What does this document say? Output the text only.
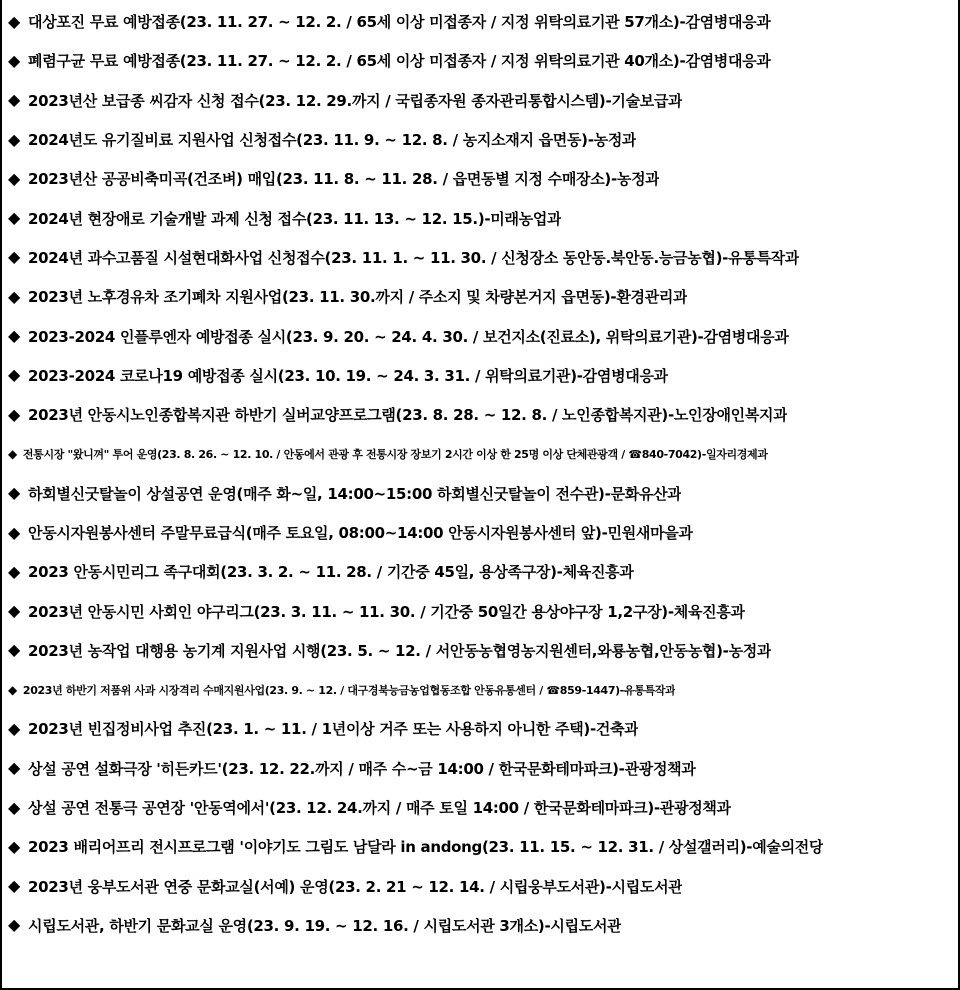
◆ 대상포진 무료 예방접종(23. 11. 27. ~ 12. 2. / 65세 이상 미접종자 / 지정 위탁의료기관 57개소)-감염병대응과
◆ 폐렴구균 무료 예방접종(23. 11. 27. ~ 12. 2. / 65세 이상 미접종자 / 지정 위탁의료기관 40개소)-감염병대응과
◆ 2023년산 보급종 씨감자 신청 접수(23. 12. 29.까지 / 국립종자원 종자관리통합시스템)-기술보급과
◆ 2024년도 유기질비료 지원사업 신청접수(23. 11. 9. ~ 12. 8. / 농지소재지 읍면동)-농정과
◆ 2023년산 공공비축미곡(건조벼) 매입(23. 11. 8. ~ 11. 28. / 읍면동별 지정 수매장소)-농정과
◆ 2024년 현장애로 기술개발 과제 신청 접수(23. 11. 13. ~ 12. 15.)-미래농업과
◆ 2024년 과수고품질 시설현대화사업 신청접수(23. 11. 1. ~ 11. 30. / 신청장소 동안동.북안동.능금농협)-유통특작과
◆ 2023년 노후경유차 조기폐차 지원사업(23. 11. 30.까지 / 주소지 및 차량본거지 읍면동)-환경관리과
◆ 2023-2024 인플루엔자 예방접종 실시(23. 9. 20. ~ 24. 4. 30. / 보건지소(진료소), 위탁의료기관)-감염병대응과
◆ 2023-2024 코로나19 예방접종 실시(23. 10. 19. ~ 24. 3. 31. / 위탁의료기관)-감염병대응과
◆ 2023년 안동시노인종합복지관 하반기 실버교양프로그램(23. 8. 28. ~ 12. 8. / 노인종합복지관)-노인장애인복지과
◆ 전통시장 "왔니껴" 투어 운영(23. 8. 26. ~ 12. 10. / 안동에서 관광 후 전통시장 장보기 2시간 이상 한 25명 이상 단체관광객 / ☎840-7042)-일자리경제과
◆ 하회별신굿탈놀이 상설공연 운영(매주 화~일, 14:00~15:00 하회별신굿탈놀이 전수관)-문화유산과
◆ 안동시자원봉사센터 주말무료급식(매주 토요일, 08:00~14:00 안동시자원봉사센터 앞)-민원새마을과
◆ 2023 안동시민리그 족구대회(23. 3. 2. ~ 11. 28. / 기간중 45일, 용상족구장)-체육진흥과
◆ 2023년 안동시민 사회인 야구리그(23. 3. 11. ~ 11. 30. / 기간중 50일간 용상야구장 1,2구장)-체육진흥과
◆ 2023년 농작업 대행용 농기계 지원사업 시행(23. 5. ~ 12. / 서안동농협영농지원센터,와룡농협,안동농협)-농정과
◆ 2023년 하반기 저품위 사과 시장격리 수매지원사업(23. 9. ~ 12. / 대구경북능금농업협동조합 안동유통센터 / ☎859-1447)-유통특작과
◆ 2023년 빈집정비사업 추진(23. 1. ~ 11. / 1년이상 거주 또는 사용하지 아니한 주택)-건축과
◆ 상설 공연 설화극장 '히든카드'(23. 12. 22.까지 / 매주 수~금 14:00 / 한국문화테마파크)-관광정책과
◆ 상설 공연 전통극 공연장 '안동역에서'(23. 12. 24.까지 / 매주 토일 14:00 / 한국문화테마파크)-관광정책과
◆ 2023 배리어프리 전시프로그램 '이야기도 그림도 남달라 in andong(23. 11. 15. ~ 12. 31. / 상설갤러리)-예술의전당
◆ 2023년 웅부도서관 연중 문화교실(서예) 운영(23. 2. 21 ~ 12. 14. / 시립웅부도서관)-시립도서관
◆ 시립도서관, 하반기 문화교실 운영(23. 9. 19. ~ 12. 16. / 시립도서관 3개소)-시립도서관
